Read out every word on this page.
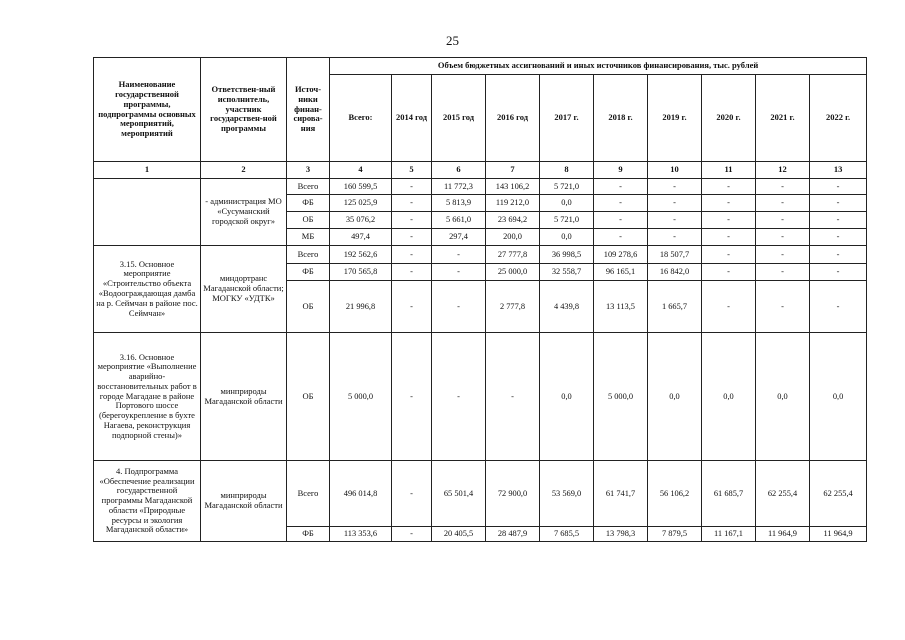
25
Наименование государственной программы, подпрограммы основных мероприятий, мероприятий	Ответствен-ный исполнитель, участник государствен-ной программы	Источ-ники финан-сирова-ния	Объем бюджетных ассигнований и иных источников финансирования, тыс. рублей									
			Всего:	2014 год	2015 год	2016 год	2017 г.	2018 г.	2019 г.	2020 г.	2021 г.	2022 г.
1	2	3	4	5	6	7	8	9	10	11	12	13
	- администрация МО «Сусуманский городской округ»	Всего	160 599,5	-	11 772,3	143 106,2	5 721,0	-	-	-	-	-
		ФБ	125 025,9	-	5 813,9	119 212,0	0,0	-	-	-	-	-
		ОБ	35 076,2	-	5 661,0	23 694,2	5 721,0	-	-	-	-	-
		МБ	497,4	-	297,4	200,0	0,0	-	-	-	-	-
3.15. Основное мероприятие «Строительство объекта «Водоограждающая дамба на р. Сеймчан в районе пос. Сеймчан»	миндортранс Магаданской области; МОГКУ «УДТК»	Всего	192 562,6	-	-	27 777,8	36 998,5	109 278,6	18 507,7	-	-	-
		ФБ	170 565,8	-	-	25 000,0	32 558,7	96 165,1	16 842,0	-	-	-
		ОБ	21 996,8	-	-	2 777,8	4 439,8	13 113,5	1 665,7	-	-	-
3.16. Основное мероприятие «Выполнение аварийно-восстановительных работ в городе Магадане в районе Портового шоссе (берегоукрепление в бухте Нагаева, реконструкция подпорной стены)»	минприроды Магаданской области	ОБ	5 000,0	-	-	-	0,0	5 000,0	0,0	0,0	0,0	0,0
4. Подпрограмма «Обеспечение реализации государственной программы Магаданской области «Природные ресурсы и экология Магаданской области»	минприроды Магаданской области	Всего	496 014,8	-	65 501,4	72 900,0	53 569,0	61 741,7	56 106,2	61 685,7	62 255,4	62 255,4
		ФБ	113 353,6	-	20 405,5	28 487,9	7 685,5	13 798,3	7 879,5	11 167,1	11 964,9	11 964,9
